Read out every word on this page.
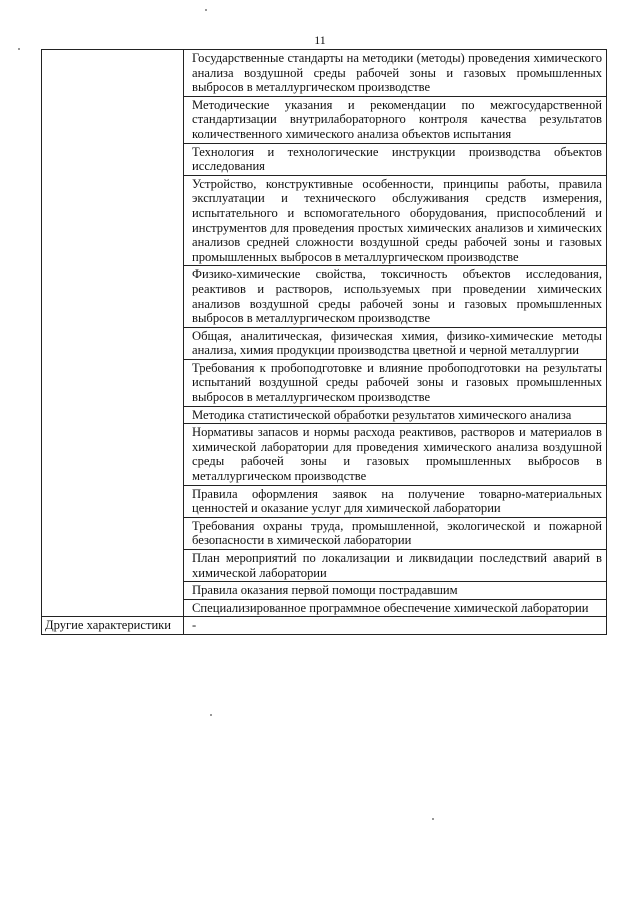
11
	Государственные стандарты на методики (методы) проведения химического анализа воздушной среды рабочей зоны и газовых промышленных выбросов в металлургическом производстве
	Методические указания и рекомендации по межгосударственной стандартизации внутрилабораторного контроля качества результатов количественного химического анализа объектов испытания
	Технология и технологические инструкции производства объектов исследования
	Устройство, конструктивные особенности, принципы работы, правила эксплуатации и технического обслуживания средств измерения, испытательного и вспомогательного оборудования, приспособлений и инструментов для проведения простых химических анализов и химических анализов средней сложности воздушной среды рабочей зоны и газовых промышленных выбросов в металлургическом производстве
	Физико-химические свойства, токсичность объектов исследования, реактивов и растворов, используемых при проведении химических анализов воздушной среды рабочей зоны и газовых промышленных выбросов в металлургическом производстве
	Общая, аналитическая, физическая химия, физико-химические методы анализа, химия продукции производства цветной и черной металлургии
	Требования к пробоподготовке и влияние пробоподготовки на результаты испытаний воздушной среды рабочей зоны и газовых промышленных выбросов в металлургическом производстве
	Методика статистической обработки результатов химического анализа
	Нормативы запасов и нормы расхода реактивов, растворов и материалов в химической лаборатории для проведения химического анализа воздушной среды рабочей зоны и газовых промышленных выбросов в металлургическом производстве
	Правила оформления заявок на получение товарно-материальных ценностей и оказание услуг для химической лаборатории
	Требования охраны труда, промышленной, экологической и пожарной безопасности в химической лаборатории
	План мероприятий по локализации и ликвидации последствий аварий в химической лаборатории
	Правила оказания первой помощи пострадавшим
	Специализированное программное обеспечение химической лаборатории
Другие характеристики	-
